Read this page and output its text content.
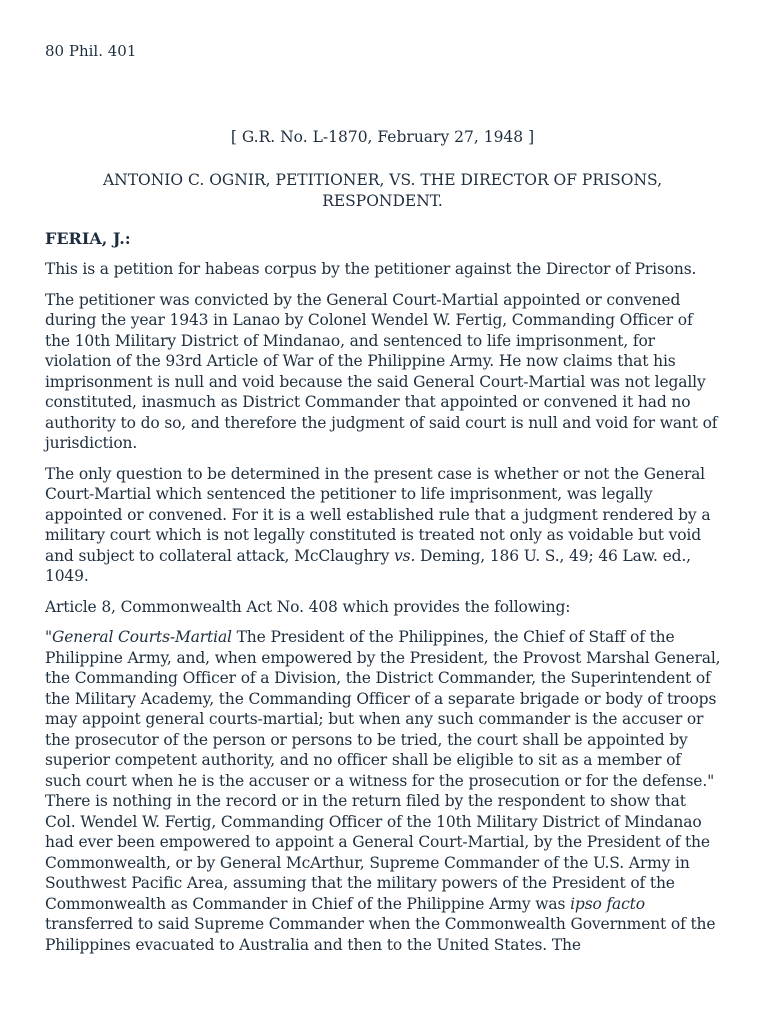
80 Phil. 401
[ G.R. No. L-1870, February 27, 1948 ]
ANTONIO C. OGNIR, PETITIONER, VS. THE DIRECTOR OF PRISONS, RESPONDENT.
FERIA, J.:

This is a petition for habeas corpus by the petitioner against the Director of Prisons.

The petitioner was convicted by the General Court-Martial appointed or convened during the year 1943 in Lanao by Colonel Wendel W. Fertig, Commanding Officer of the 10th Military District of Mindanao, and sentenced to life imprisonment, for violation of the 93rd Article of War of the Philippine Army. He now claims that his imprisonment is null and void because the said General Court-Martial was not legally constituted, inasmuch as District Commander that appointed or convened it had no authority to do so, and therefore the judgment of said court is null and void for want of jurisdiction.

The only question to be determined in the present case is whether or not the General Court-Martial which sentenced the petitioner to life imprisonment, was legally appointed or convened. For it is a well established rule that a judgment rendered by a military court which is not legally constituted is treated not only as voidable but void and subject to collateral attack, McClaughry vs. Deming, 186 U. S., 49; 46 Law. ed., 1049.

Article 8, Commonwealth Act No. 408 which provides the following:

"General Courts-Martial The President of the Philippines, the Chief of Staff of the Philippine Army, and, when empowered by the President, the Provost Marshal General, the Commanding Officer of a Division, the District Commander, the Superintendent of the Military Academy, the Commanding Officer of a separate brigade or body of troops may appoint general courts-martial; but when any such commander is the accuser or the prosecutor of the person or persons to be tried, the court shall be appointed by superior competent authority, and no officer shall be eligible to sit as a member of such court when he is the accuser or a witness for the prosecution or for the defense."

There is nothing in the record or in the return filed by the respondent to show that Col. Wendel W. Fertig, Commanding Officer of the 10th Military District of Mindanao had ever been empowered to appoint a General Court-Martial, by the President of the Commonwealth, or by General McArthur, Supreme Commander of the U.S. Army in Southwest Pacific Area, assuming that the military powers of the President of the Commonwealth as Commander in Chief of the Philippine Army was ipso facto transferred to said Supreme Commander when the Commonwealth Government of the Philippines evacuated to Australia and then to the United States. The
